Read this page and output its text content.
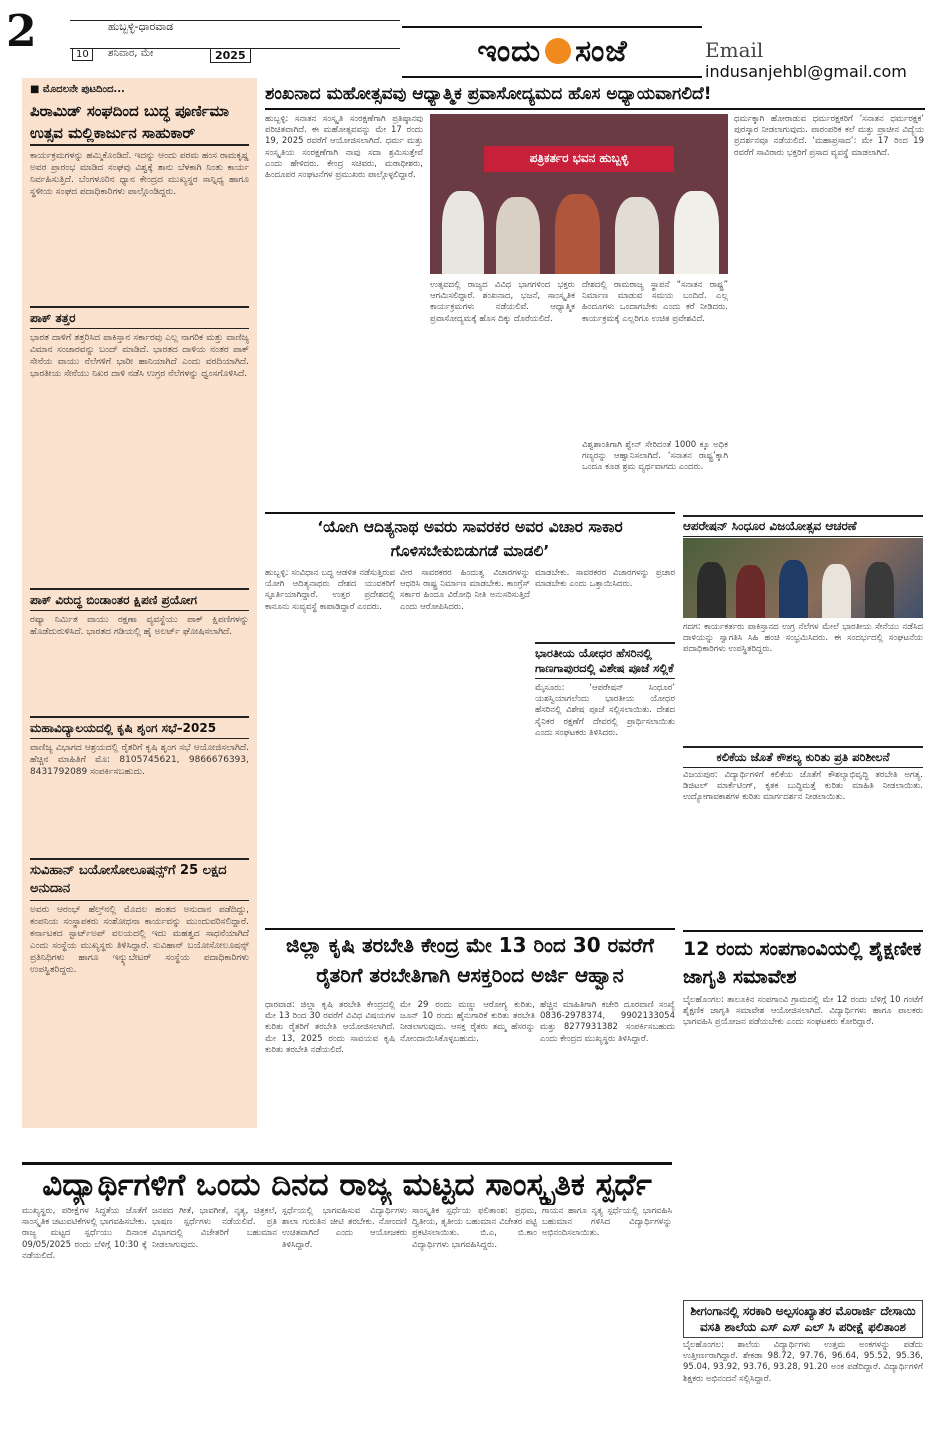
2	ಹುಬ್ಬಳ್ಳಿ-ಧಾರವಾಡ
10	ಶನಿವಾರ, ಮೇ	2025	ಇಂದು ಸಂಜೆ	Email indusanjehbl@gmail.com
■ ಮೊದಲನೇ ಪುಟದಿಂದ...
ಪಿರಾಮಿಡ್ ಸಂಘದಿಂದ ಬುದ್ಧ ಪೂರ್ಣಿಮಾ ಉತ್ಸವ ಮಲ್ಲಿಕಾರ್ಜುನ ಸಾಹುಕಾರ್
ಕಾರ್ಯಕ್ರಮಗಳನ್ನು ಹಮ್ಮಿಕೊಂಡಿದೆ. ಇದನ್ನು ಆಂದು ಪರಮ ಹಂಸ ರಾಮಕೃಷ್ಣ ಅವರ ಪ್ರಾರಂಭ ಮಾಡಿದ ಸಂಘವು ವಿಶ್ವಕ್ಕೆ ತಾನು ಬೆಳಕಾಗಿ ನಿಂತು ಕಾರ್ಯ ನಿರ್ವಹಿಸುತ್ತಿದೆ. ಬೆಂಗಳೂರಿನ ಧ್ಯಾನ ಕೇಂದ್ರದ ಮುಖ್ಯಸ್ಥರ ಸಾನ್ನಿಧ್ಯ ಹಾಗೂ ಸ್ಥಳೀಯ ಸಂಘದ ಪದಾಧಿಕಾರಿಗಳು ಪಾಲ್ಗೊಂಡಿದ್ದರು.
ಪಾಕ್ ತತ್ತರ
ಭಾರತ ದಾಳಿಗೆ ತತ್ತರಿಸಿದ ಪಾಕಿಸ್ತಾನ ಸರ್ಕಾರವು ಎಲ್ಲ ನಾಗರಿಕ ಮತ್ತು ವಾಣಿಜ್ಯ ವಿಮಾನ ಸಂಚಾರವನ್ನು ಬಂದ್ ಮಾಡಿದೆ. ಭಾರತದ ದಾಳಿಯ ನಂತರ ಪಾಕ್ ಸೇನೆಯ ವಾಯು ನೆಲೆಗಳಿಗೆ ಭಾರೀ ಹಾನಿಯಾಗಿದೆ ಎಂದು ವರದಿಯಾಗಿದೆ. ಭಾರತೀಯ ಸೇನೆಯು ನಿಖರ ದಾಳಿ ನಡೆಸಿ ಉಗ್ರರ ನೆಲೆಗಳನ್ನು ಧ್ವಂಸಗೊಳಿಸಿದೆ.
ಪಾಕ್ ವಿರುದ್ಧ ಬಿಂಡಾಂತರ ಕ್ಷಿಪಣಿ ಪ್ರಯೋಗ
ರಷ್ಯಾ ನಿರ್ಮಿತ ವಾಯು ರಕ್ಷಣಾ ವ್ಯವಸ್ಥೆಯು ಪಾಕ್ ಕ್ಷಿಪಣಿಗಳನ್ನು ಹೊಡೆದುರುಳಿಸಿದೆ. ಭಾರತದ ಗಡಿಯಲ್ಲಿ ಹೈ ಅಲರ್ಟ್ ಘೋಷಿಸಲಾಗಿದೆ.
ಮಹಾವಿದ್ಯಾಲಯದಲ್ಲಿ ಕೃಷಿ ಶೃಂಗ ಸಭೆ–2025
ವಾಣಿಜ್ಯ ವಿಭಾಗದ ಆಶ್ರಯದಲ್ಲಿ ರೈತರಿಗೆ ಕೃಷಿ ಶೃಂಗ ಸಭೆ ಆಯೋಜಿಸಲಾಗಿದೆ. ಹೆಚ್ಚಿನ ಮಾಹಿತಿಗೆ ಮೊ: 8105745621, 9866676393, 8431792089 ಸಂಪರ್ಕಿಸಬಹುದು.
ಸುವಿಹಾನ್ ಬಯೋಸೋಲೂಷನ್ಸ್‌ಗೆ 25 ಲಕ್ಷದ ಅನುದಾನ
ಅವರು ಆರಂಭ್ ಹೆಲ್ತ್‌ನಲ್ಲಿ ಮೊದಲ ಹಂತದ ಅನುದಾನ ಪಡೆದಿದ್ದು, ಕಂಪನಿಯ ಸಂಸ್ಥಾಪಕರು ಸಂಶೋಧನಾ ಕಾರ್ಯವನ್ನು ಮುಂದುವರಿಸಲಿದ್ದಾರೆ. ಕರ್ನಾಟಕದ ಸ್ಟಾರ್ಟ್‌ಅಪ್ ವಲಯದಲ್ಲಿ ಇದು ಮಹತ್ವದ ಸಾಧನೆಯಾಗಿದೆ ಎಂದು ಸಂಸ್ಥೆಯ ಮುಖ್ಯಸ್ಥರು ತಿಳಿಸಿದ್ದಾರೆ. ಸುವಿಹಾನ್ ಬಯೋಸೋಲೂಷನ್ಸ್ ಪ್ರತಿನಿಧಿಗಳು ಹಾಗೂ ಇನ್ಕ್ಯುಬೇಟರ್ ಸಂಸ್ಥೆಯ ಪದಾಧಿಕಾರಿಗಳು ಉಪಸ್ಥಿತರಿದ್ದರು.
ಶಂಖನಾದ ಮಹೋತ್ಸವವು ಆಧ್ಯಾತ್ಮಿಕ ಪ್ರವಾಸೋದ್ಯಮದ ಹೊಸ ಅಧ್ಯಾಯವಾಗಲಿದೆ!
ಹುಬ್ಬಳ್ಳಿ: ಸನಾತನ ಸಂಸ್ಕೃತಿ ಸಂರಕ್ಷಣೆಗಾಗಿ ಪ್ರತಿಷ್ಠಾನವು ಪರಿಚಿತವಾಗಿದೆ. ಈ ಮಹೋತ್ಸವವನ್ನು ಮೇ 17 ರಂದು 19, 2025 ರವರೆಗೆ ಆಯೋಜಿಸಲಾಗಿದೆ. ಧರ್ಮ ಮತ್ತು ಸಂಸ್ಕೃತಿಯ ಸಂರಕ್ಷಣೆಗಾಗಿ ನಾವು ಸದಾ ಶ್ರಮಿಸುತ್ತೇವೆ ಎಂದು ಹೇಳಿದರು. ಕೇಂದ್ರ ಸಚಿವರು, ಮಠಾಧೀಶರು, ಹಿಂದೂಪರ ಸಂಘಟನೆಗಳ ಪ್ರಮುಖರು ಪಾಲ್ಗೊಳ್ಳಲಿದ್ದಾರೆ.
ಪತ್ರಿಕರ್ತರ ಭವನ ಹುಬ್ಬಳ್ಳಿ
ಉತ್ಸವದಲ್ಲಿ ರಾಜ್ಯದ ವಿವಿಧ ಭಾಗಗಳಿಂದ ಭಕ್ತರು ಆಗಮಿಸಲಿದ್ದಾರೆ. ಶಂಖನಾದ, ಭಜನೆ, ಸಾಂಸ್ಕೃತಿಕ ಕಾರ್ಯಕ್ರಮಗಳು ನಡೆಯಲಿವೆ. ಆಧ್ಯಾತ್ಮಿಕ ಪ್ರವಾಸೋದ್ಯಮಕ್ಕೆ ಹೊಸ ದಿಕ್ಕು ದೊರೆಯಲಿದೆ.
ದೇಶದಲ್ಲಿ ರಾಮರಾಜ್ಯ ಸ್ಥಾಪನೆ “ಸನಾತನ ರಾಷ್ಟ್ರ” ನಿರ್ಮಾಣ ಮಾಡುವ ಸಮಯ ಬಂದಿದೆ. ಎಲ್ಲ ಹಿಂದೂಗಳು ಒಂದಾಗಬೇಕು ಎಂದು ಕರೆ ನೀಡಿದರು. ಕಾರ್ಯಕ್ರಮಕ್ಕೆ ಎಲ್ಲರಿಗೂ ಉಚಿತ ಪ್ರವೇಶವಿದೆ.
ಧರ್ಮಕ್ಕಾಗಿ ಹೋರಾಡುವ ಧರ್ಮರಕ್ಷಕರಿಗೆ ‘ಸನಾತನ ಧರ್ಮರಕ್ಷಕ’ ಪುರಸ್ಕಾರ ನೀಡಲಾಗುವುದು. ಪಾರಂಪರಿಕ ಕಲೆ ಮತ್ತು ಪ್ರಾಚೀನ ವಿದ್ಯೆಯ ಪ್ರದರ್ಶನವೂ ನಡೆಯಲಿದೆ. ‘ಮಹಾಪ್ರಸಾದ’: ಮೇ 17 ರಿಂದ 19 ರವರೆಗೆ ಸಾವಿರಾರು ಭಕ್ತರಿಗೆ ಪ್ರಸಾದ ವ್ಯವಸ್ಥೆ ಮಾಡಲಾಗಿದೆ.
ವಿಶ್ವಶಾಂತಿಗಾಗಿ ಶ್ವೇನ್ ಸೇರಿದಂತೆ 1000 ಕ್ಕೂ ಅಧಿಕ ಗಣ್ಯರನ್ನು ಆಹ್ವಾನಿಸಲಾಗಿದೆ. ‘ಸನಾತನ ರಾಷ್ಟ್ರ’ಕ್ಕಾಗಿ ಒಂದೂ ಕೂಡ ಶ್ರಮ ವ್ಯರ್ಥವಾಗದು ಎಂದರು.
‘ಯೋಗಿ ಆದಿತ್ಯನಾಥ ಅವರು ಸಾವರಕರ ಅವರ ವಿಚಾರ ಸಾಕಾರ ಗೊಳಿಸಬೇಕುಬಿಡುಗಡೆ ಮಾಡಲಿ’
ಹುಬ್ಬಳ್ಳಿ: ಸಂವಿಧಾನ ಬದ್ಧ ಆಡಳಿತ ನಡೆಸುತ್ತಿರುವ ಯೋಗಿ ಆದಿತ್ಯನಾಥರು ದೇಶದ ಯುವಕರಿಗೆ ಸ್ಫೂರ್ತಿಯಾಗಿದ್ದಾರೆ. ಉತ್ತರ ಪ್ರದೇಶದಲ್ಲಿ ಕಾನೂನು ಸುವ್ಯವಸ್ಥೆ ಕಾಪಾಡಿದ್ದಾರೆ ಎಂದರು.
ವೀರ ಸಾವರಕರರ ಹಿಂದುತ್ವ ವಿಚಾರಗಳನ್ನು ಆಧರಿಸಿ ರಾಷ್ಟ್ರ ನಿರ್ಮಾಣ ಮಾಡಬೇಕು. ಕಾಂಗ್ರೆಸ್ ಸರ್ಕಾರ ಹಿಂದೂ ವಿರೋಧಿ ನೀತಿ ಅನುಸರಿಸುತ್ತಿದೆ ಎಂದು ಆರೋಪಿಸಿದರು.
ಮಾಡಬೇಕು. ಸಾವರಕರರ ವಿಚಾರಗಳನ್ನು ಪ್ರಚಾರ ಮಾಡಬೇಕು ಎಂದು ಒತ್ತಾಯಿಸಿದರು.
ಭಾರತೀಯ ಯೋಧರ ಹೆಸರಿನಲ್ಲಿ ಗಾಣಗಾಪುರದಲ್ಲಿ ವಿಶೇಷ ಪೂಜೆ ಸಲ್ಲಿಕೆ
ಮೈಸೂರು: ‘ಆಪರೇಷನ್ ಸಿಂಧೂರ’ ಯಶಸ್ವಿಯಾಗಲೆಂದು ಭಾರತೀಯ ಯೋಧರ ಹೆಸರಿನಲ್ಲಿ ವಿಶೇಷ ಪೂಜೆ ಸಲ್ಲಿಸಲಾಯಿತು. ದೇಶದ ಸೈನಿಕರ ರಕ್ಷಣೆಗೆ ದೇವರಲ್ಲಿ ಪ್ರಾರ್ಥಿಸಲಾಯಿತು ಎಂದು ಸಂಘಟಕರು ತಿಳಿಸಿದರು.
ಆಪರೇಷನ್ ಸಿಂಧೂರ ವಿಜಯೋತ್ಸವ ಆಚರಣೆ
ಗದಗ: ಕಾರ್ಯಕರ್ತರು ಪಾಕಿಸ್ತಾನದ ಉಗ್ರ ನೆಲೆಗಳ ಮೇಲೆ ಭಾರತೀಯ ಸೇನೆಯು ನಡೆಸಿದ ದಾಳಿಯನ್ನು ಸ್ವಾಗತಿಸಿ ಸಿಹಿ ಹಂಚಿ ಸಂಭ್ರಮಿಸಿದರು. ಈ ಸಂದರ್ಭದಲ್ಲಿ ಸಂಘಟನೆಯ ಪದಾಧಿಕಾರಿಗಳು ಉಪಸ್ಥಿತರಿದ್ದರು.
ಕಲಿಕೆಯ ಜೊತೆ ಕೌಶಲ್ಯ ಕುರಿತು ಪ್ರತಿ ಪರಿಶೀಲನೆ
ವಿಜಯಪುರ: ವಿದ್ಯಾರ್ಥಿಗಳಿಗೆ ಕಲಿಕೆಯ ಜೊತೆಗೆ ಕೌಶಲ್ಯಾಭಿವೃದ್ಧಿ ತರಬೇತಿ ಅಗತ್ಯ. ಡಿಜಿಟಲ್ ಮಾರ್ಕೆಟಿಂಗ್, ಕೃತಕ ಬುದ್ಧಿಮತ್ತೆ ಕುರಿತು ಮಾಹಿತಿ ನೀಡಲಾಯಿತು. ಉದ್ಯೋಗಾವಕಾಶಗಳ ಕುರಿತು ಮಾರ್ಗದರ್ಶನ ನೀಡಲಾಯಿತು.
ಜಿಲ್ಲಾ ಕೃಷಿ ತರಬೇತಿ ಕೇಂದ್ರ ಮೇ 13 ರಿಂದ 30 ರವರೆಗೆ ರೈತರಿಗೆ ತರಬೇತಿಗಾಗಿ ಆಸಕ್ತರಿಂದ ಅರ್ಜಿ ಆಹ್ವಾನ
ಧಾರವಾಡ: ಜಿಲ್ಲಾ ಕೃಷಿ ತರಬೇತಿ ಕೇಂದ್ರದಲ್ಲಿ ಮೇ 13 ರಿಂದ 30 ರವರೆಗೆ ವಿವಿಧ ವಿಷಯಗಳ ಕುರಿತು ರೈತರಿಗೆ ತರಬೇತಿ ಆಯೋಜಿಸಲಾಗಿದೆ. ಮೇ 13, 2025 ರಂದು ಸಾವಯವ ಕೃಷಿ ಕುರಿತು ತರಬೇತಿ ನಡೆಯಲಿದೆ.
ಮೇ 29 ರಂದು ಮಣ್ಣು ಆರೋಗ್ಯ ಕುರಿತು, ಜೂನ್ 10 ರಂದು ಹೈನುಗಾರಿಕೆ ಕುರಿತು ತರಬೇತಿ ನೀಡಲಾಗುವುದು. ಆಸಕ್ತ ರೈತರು ತಮ್ಮ ಹೆಸರನ್ನು ನೋಂದಾಯಿಸಿಕೊಳ್ಳಬಹುದು.
ಹೆಚ್ಚಿನ ಮಾಹಿತಿಗಾಗಿ ಕಚೇರಿ ದೂರವಾಣಿ ಸಂಖ್ಯೆ 0836-2978374, 9902133054 ಮತ್ತು 8277931382 ಸಂಪರ್ಕಿಸಬಹುದು ಎಂದು ಕೇಂದ್ರದ ಮುಖ್ಯಸ್ಥರು ತಿಳಿಸಿದ್ದಾರೆ.
12 ರಂದು ಸಂಪಗಾಂವಿಯಲ್ಲಿ ಶೈಕ್ಷಣೀಕ ಜಾಗೃತಿ ಸಮಾವೇಶ
ಬೈಲಹೊಂಗಲ: ತಾಲೂಕಿನ ಸಂಪಗಾಂವಿ ಗ್ರಾಮದಲ್ಲಿ ಮೇ 12 ರಂದು ಬೆಳಿಗ್ಗೆ 10 ಗಂಟೆಗೆ ಶೈಕ್ಷಣಿಕ ಜಾಗೃತಿ ಸಮಾವೇಶ ಆಯೋಜಿಸಲಾಗಿದೆ. ವಿದ್ಯಾರ್ಥಿಗಳು ಹಾಗೂ ಪಾಲಕರು ಭಾಗವಹಿಸಿ ಪ್ರಯೋಜನ ಪಡೆಯಬೇಕು ಎಂದು ಸಂಘಟಕರು ಕೋರಿದ್ದಾರೆ.
ಶೀಗಂಗಾನಲ್ಲಿ ಸರಕಾರಿ ಅಲ್ಪಸಂಖ್ಯಾತರ ಮೊರಾರ್ಜಿ ದೇಸಾಯಿ ವಸತಿ ಶಾಲೆಯ ಎಸ್ ಎಸ್ ಎಲ್ ಸಿ ಪರೀಕ್ಷೆ ಫಲಿತಾಂಶ
ಬೈಲಹೊಂಗಲ: ಶಾಲೆಯ ವಿದ್ಯಾರ್ಥಿಗಳು ಉತ್ತಮ ಅಂಕಗಳನ್ನು ಪಡೆದು ಉತ್ತೀರ್ಣರಾಗಿದ್ದಾರೆ. ಶೇಕಡಾ 98.72, 97.76, 96.64, 95.52, 95.36, 95.04, 93.92, 93.76, 93.28, 91.20 ಅಂಕ ಪಡೆದಿದ್ದಾರೆ. ವಿದ್ಯಾರ್ಥಿಗಳಿಗೆ ಶಿಕ್ಷಕರು ಅಭಿನಂದನೆ ಸಲ್ಲಿಸಿದ್ದಾರೆ.
ವಿದ್ಯಾರ್ಥಿಗಳಿಗೆ ಒಂದು ದಿನದ ರಾಜ್ಯ ಮಟ್ಟದ ಸಾಂಸ್ಕೃತಿಕ ಸ್ಪರ್ಧೆ
ಮುಖ್ಯಸ್ಥರು, ಪರೀಕ್ಷೆಗಳ ಸಿದ್ಧತೆಯ ಜೊತೆಗೆ ಸಾಂಸ್ಕೃತಿಕ ಚಟುವಟಿಕೆಗಳಲ್ಲಿ ಭಾಗವಹಿಸಬೇಕು. ರಾಜ್ಯ ಮಟ್ಟದ ಸ್ಪರ್ಧೆಯು ದಿನಾಂಕ 09/05/2025 ರಂದು ಬೆಳಿಗ್ಗೆ 10:30 ಕ್ಕೆ ನಡೆಯಲಿದೆ.
ಜನಪದ ಗೀತೆ, ಭಾವಗೀತೆ, ನೃತ್ಯ, ಚಿತ್ರಕಲೆ, ಭಾಷಣ ಸ್ಪರ್ಧೆಗಳು ನಡೆಯಲಿವೆ. ಪ್ರತಿ ವಿಭಾಗದಲ್ಲಿ ವಿಜೇತರಿಗೆ ಬಹುಮಾನ ನೀಡಲಾಗುವುದು.
ಸ್ಪರ್ಧೆಯಲ್ಲಿ ಭಾಗವಹಿಸುವ ವಿದ್ಯಾರ್ಥಿಗಳು ಶಾಲಾ ಗುರುತಿನ ಚೀಟಿ ತರಬೇಕು. ನೋಂದಣಿ ಉಚಿತವಾಗಿದೆ ಎಂದು ಆಯೋಜಕರು ತಿಳಿಸಿದ್ದಾರೆ.
ಸಾಂಸ್ಕೃತಿಕ ಸ್ಪರ್ಧೆಯ ಫಲಿತಾಂಶ: ಪ್ರಥಮ, ದ್ವಿತೀಯ, ತೃತೀಯ ಬಹುಮಾನ ವಿಜೇತರ ಪಟ್ಟಿ ಪ್ರಕಟಿಸಲಾಯಿತು. ಬಿ.ಎ, ಬಿ.ಕಾಂ ವಿದ್ಯಾರ್ಥಿಗಳು ಭಾಗವಹಿಸಿದ್ದರು.
ಗಾಯನ ಹಾಗೂ ನೃತ್ಯ ಸ್ಪರ್ಧೆಯಲ್ಲಿ ಭಾಗವಹಿಸಿ ಬಹುಮಾನ ಗಳಿಸಿದ ವಿದ್ಯಾರ್ಥಿಗಳನ್ನು ಅಭಿನಂದಿಸಲಾಯಿತು.
